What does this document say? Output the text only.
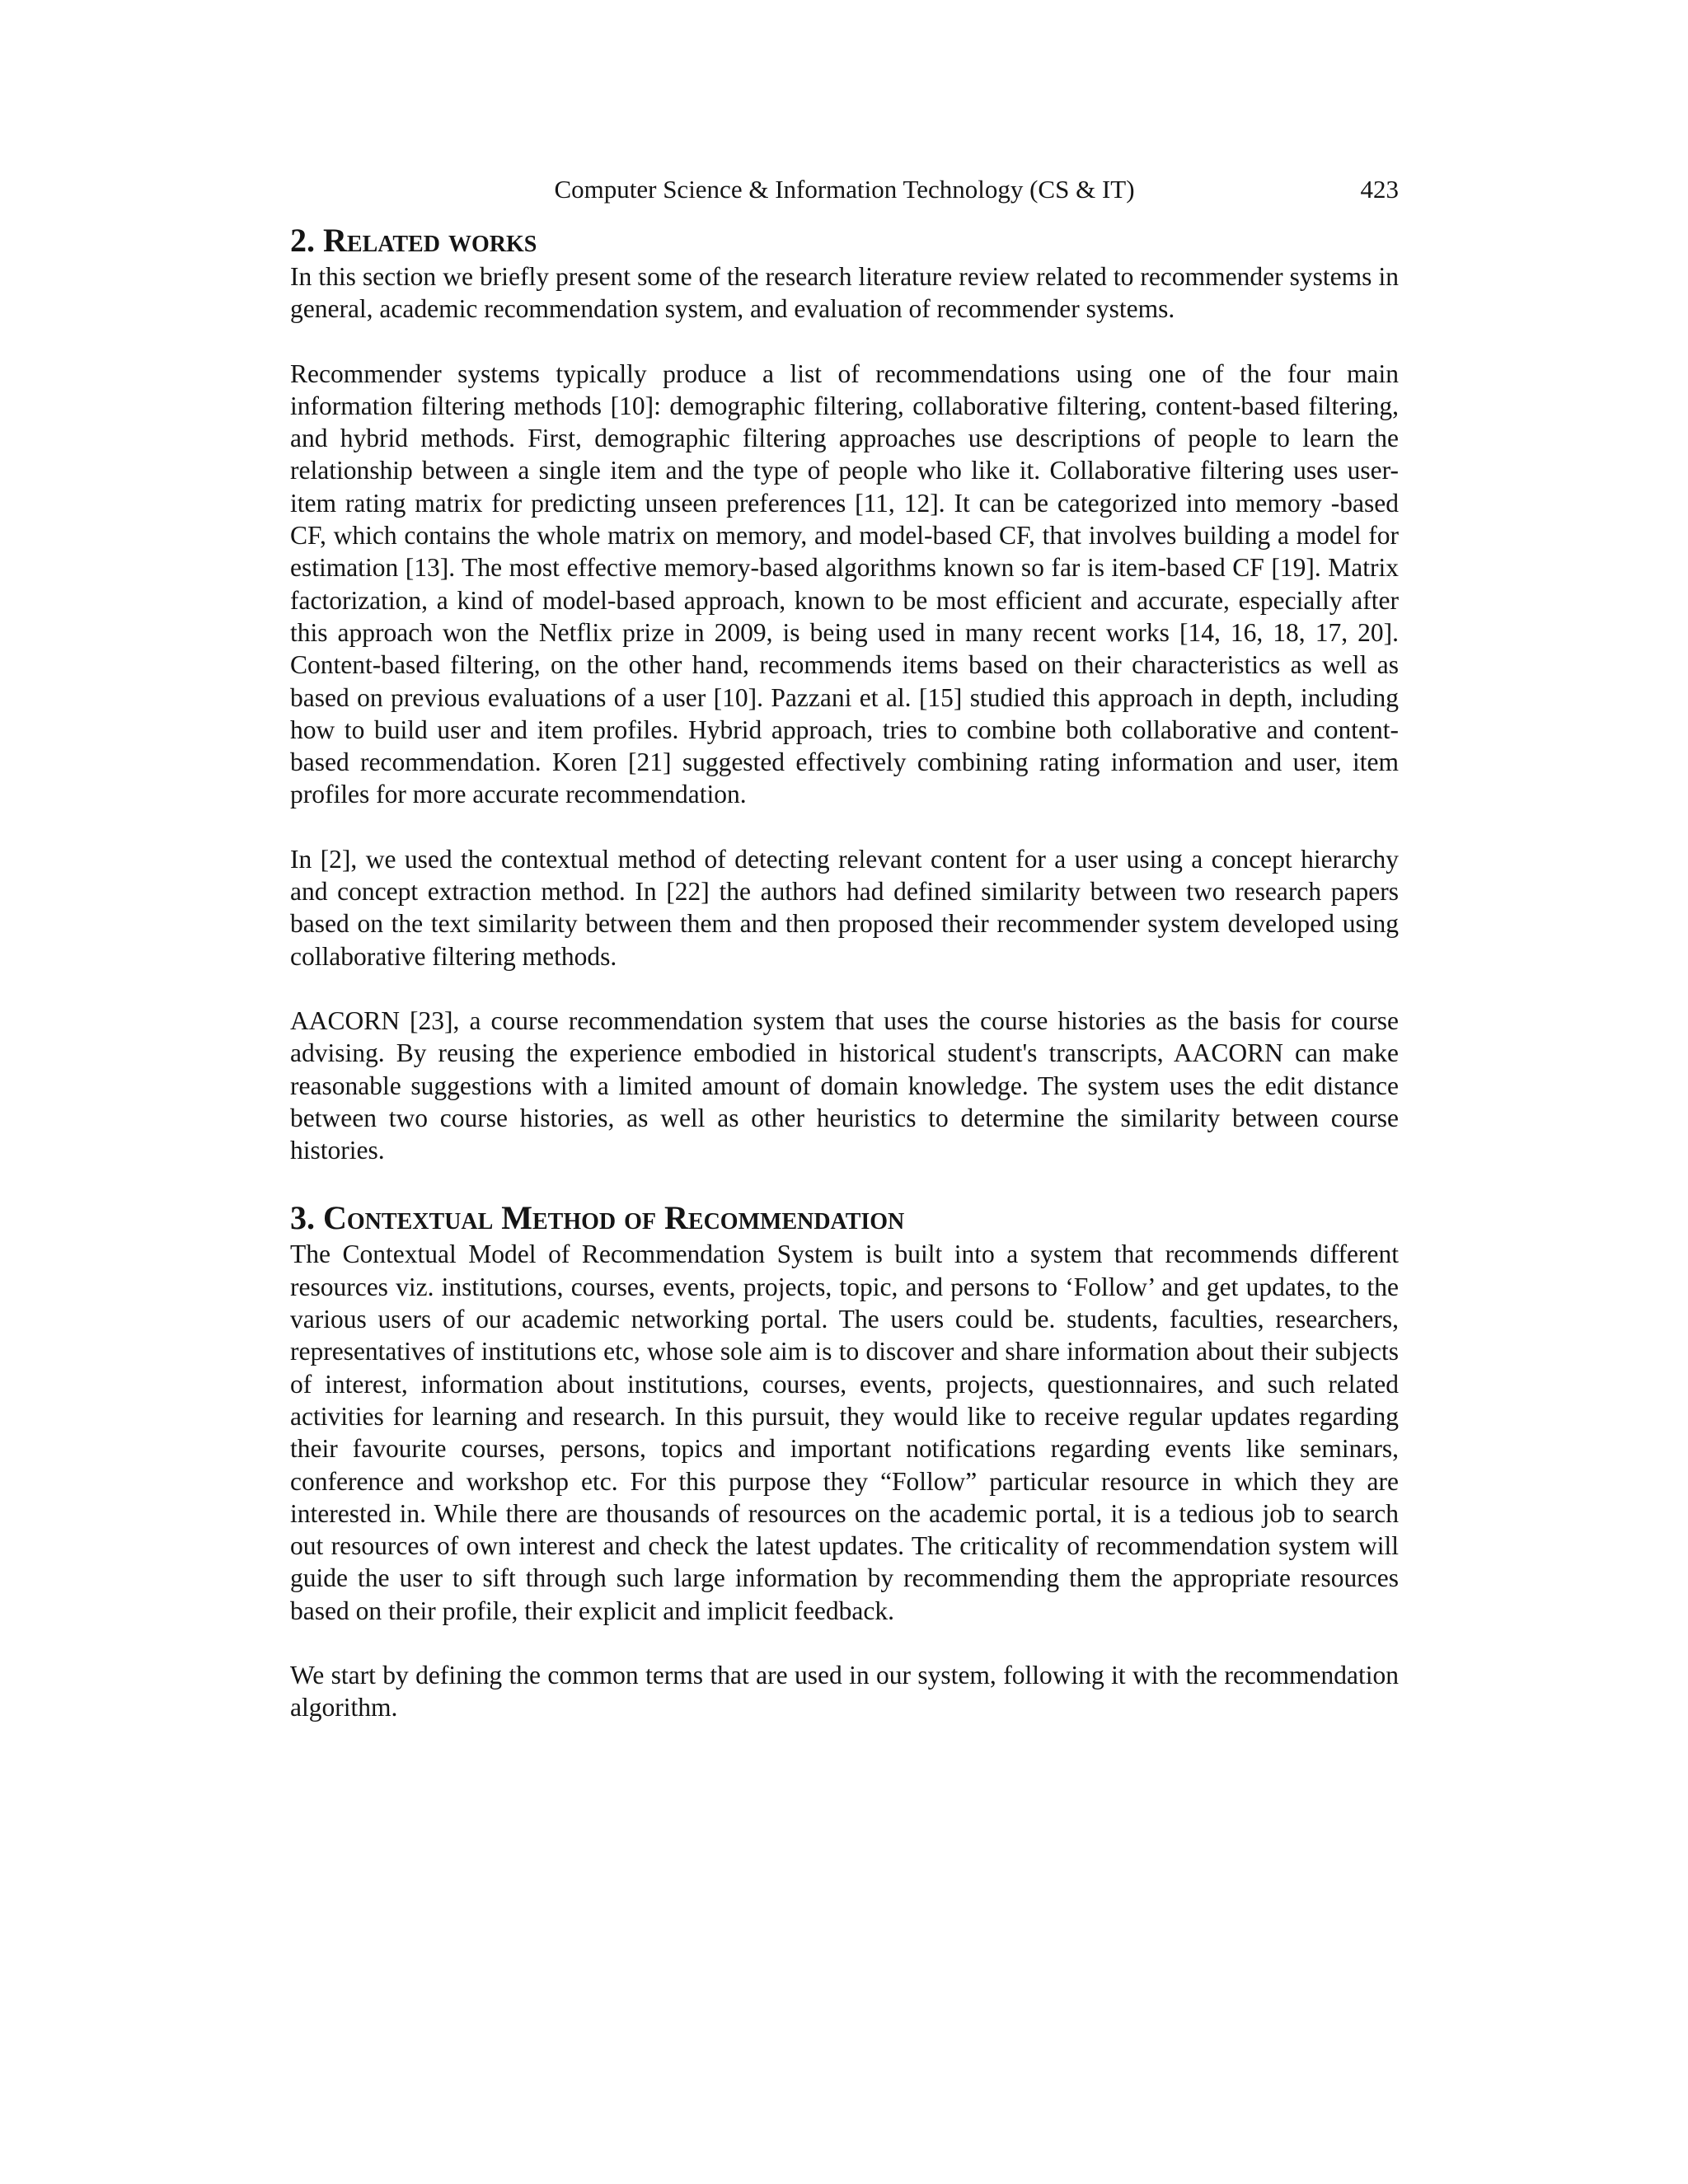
Computer Science & Information Technology (CS & IT)	423
2. Related works

In this section we briefly present some of the research literature review related to recommender systems in general, academic recommendation system, and evaluation of recommender systems.

Recommender systems typically produce a list of recommendations using one of the four main information filtering methods [10]: demographic filtering, collaborative filtering, content-based filtering, and hybrid methods. First, demographic filtering approaches use descriptions of people to learn the relationship between a single item and the type of people who like it. Collaborative filtering uses user-item rating matrix for predicting unseen preferences [11, 12]. It can be categorized into memory -based CF, which contains the whole matrix on memory, and model-based CF, that involves building a model for estimation [13]. The most effective memory-based algorithms known so far is item-based CF [19]. Matrix factorization, a kind of model-based approach, known to be most efficient and accurate, especially after this approach won the Netflix prize in 2009, is being used in many recent works [14, 16, 18, 17, 20]. Content-based filtering, on the other hand, recommends items based on their characteristics as well as based on previous evaluations of a user [10]. Pazzani et al. [15] studied this approach in depth, including how to build user and item profiles. Hybrid approach, tries to combine both collaborative and content-based recommendation. Koren [21] suggested effectively combining rating information and user, item profiles for more accurate recommendation.

In [2], we used the contextual method of detecting relevant content for a user using a concept hierarchy and concept extraction method. In [22] the authors had defined similarity between two research papers based on the text similarity between them and then proposed their recommender system developed using collaborative filtering methods.

AACORN [23], a course recommendation system that uses the course histories as the basis for course advising. By reusing the experience embodied in historical student's transcripts, AACORN can make reasonable suggestions with a limited amount of domain knowledge. The system uses the edit distance between two course histories, as well as other heuristics to determine the similarity between course histories.

3. Contextual Method of Recommendation

The Contextual Model of Recommendation System is built into a system that recommends different resources viz. institutions, courses, events, projects, topic, and persons to ‘Follow’ and get updates, to the various users of our academic networking portal. The users could be. students, faculties, researchers, representatives of institutions etc, whose sole aim is to discover and share information about their subjects of interest, information about institutions, courses, events, projects, questionnaires, and such related activities for learning and research. In this pursuit, they would like to receive regular updates regarding their favourite courses, persons, topics and important notifications regarding events like seminars, conference and workshop etc. For this purpose they “Follow” particular resource in which they are interested in. While there are thousands of resources on the academic portal, it is a tedious job to search out resources of own interest and check the latest updates. The criticality of recommendation system will guide the user to sift through such large information by recommending them the appropriate resources based on their profile, their explicit and implicit feedback.

We start by defining the common terms that are used in our system, following it with the recommendation algorithm.
